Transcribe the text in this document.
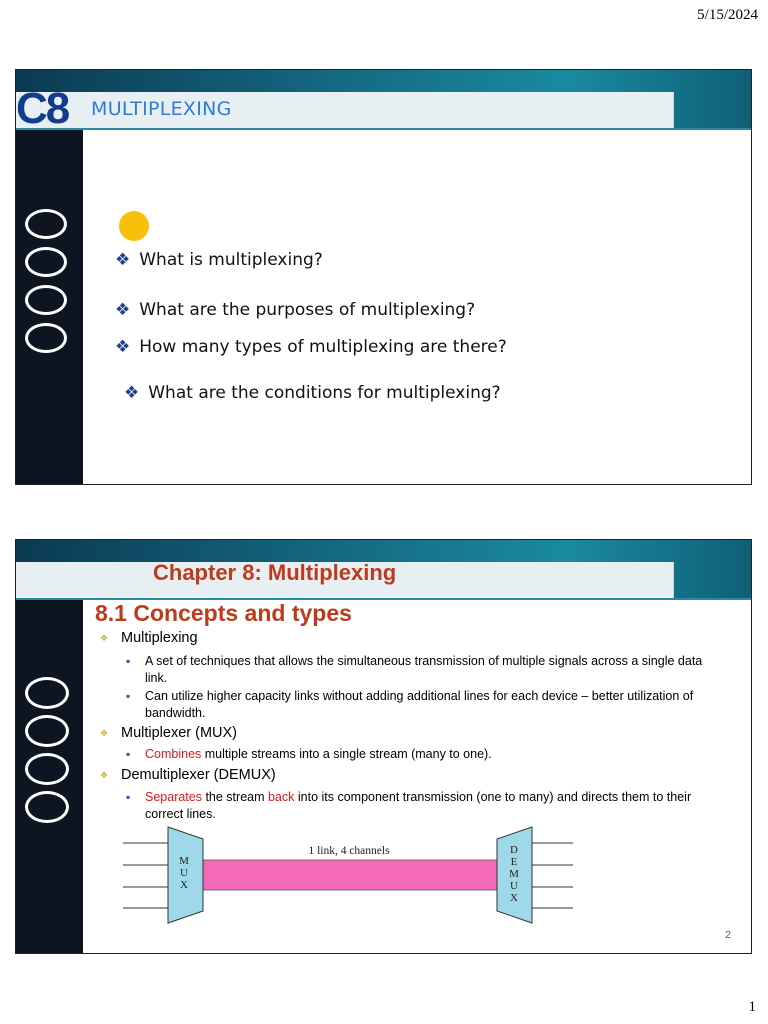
5/15/2024
C8 MULTIPLEXING
❖ What is multiplexing?
❖ What are the purposes of multiplexing?
❖ How many types of multiplexing are there?
❖ What are the conditions for multiplexing?
Chapter 8: Multiplexing
8.1 Concepts and types
❖ Multiplexing
▪ A set of techniques that allows the simultaneous transmission of multiple signals across a single data link.
▪ Can utilize higher capacity links without adding additional lines for each device – better utilization of bandwidth.
❖ Multiplexer (MUX)
▪ Combines multiple streams into a single stream (many to one).
❖ Demultiplexer (DEMUX)
▪ Separates the stream back into its component transmission (one to many) and directs them to their correct lines.
1 link, 4 channels
M
U
X
D
E
M
U
X
2
1
